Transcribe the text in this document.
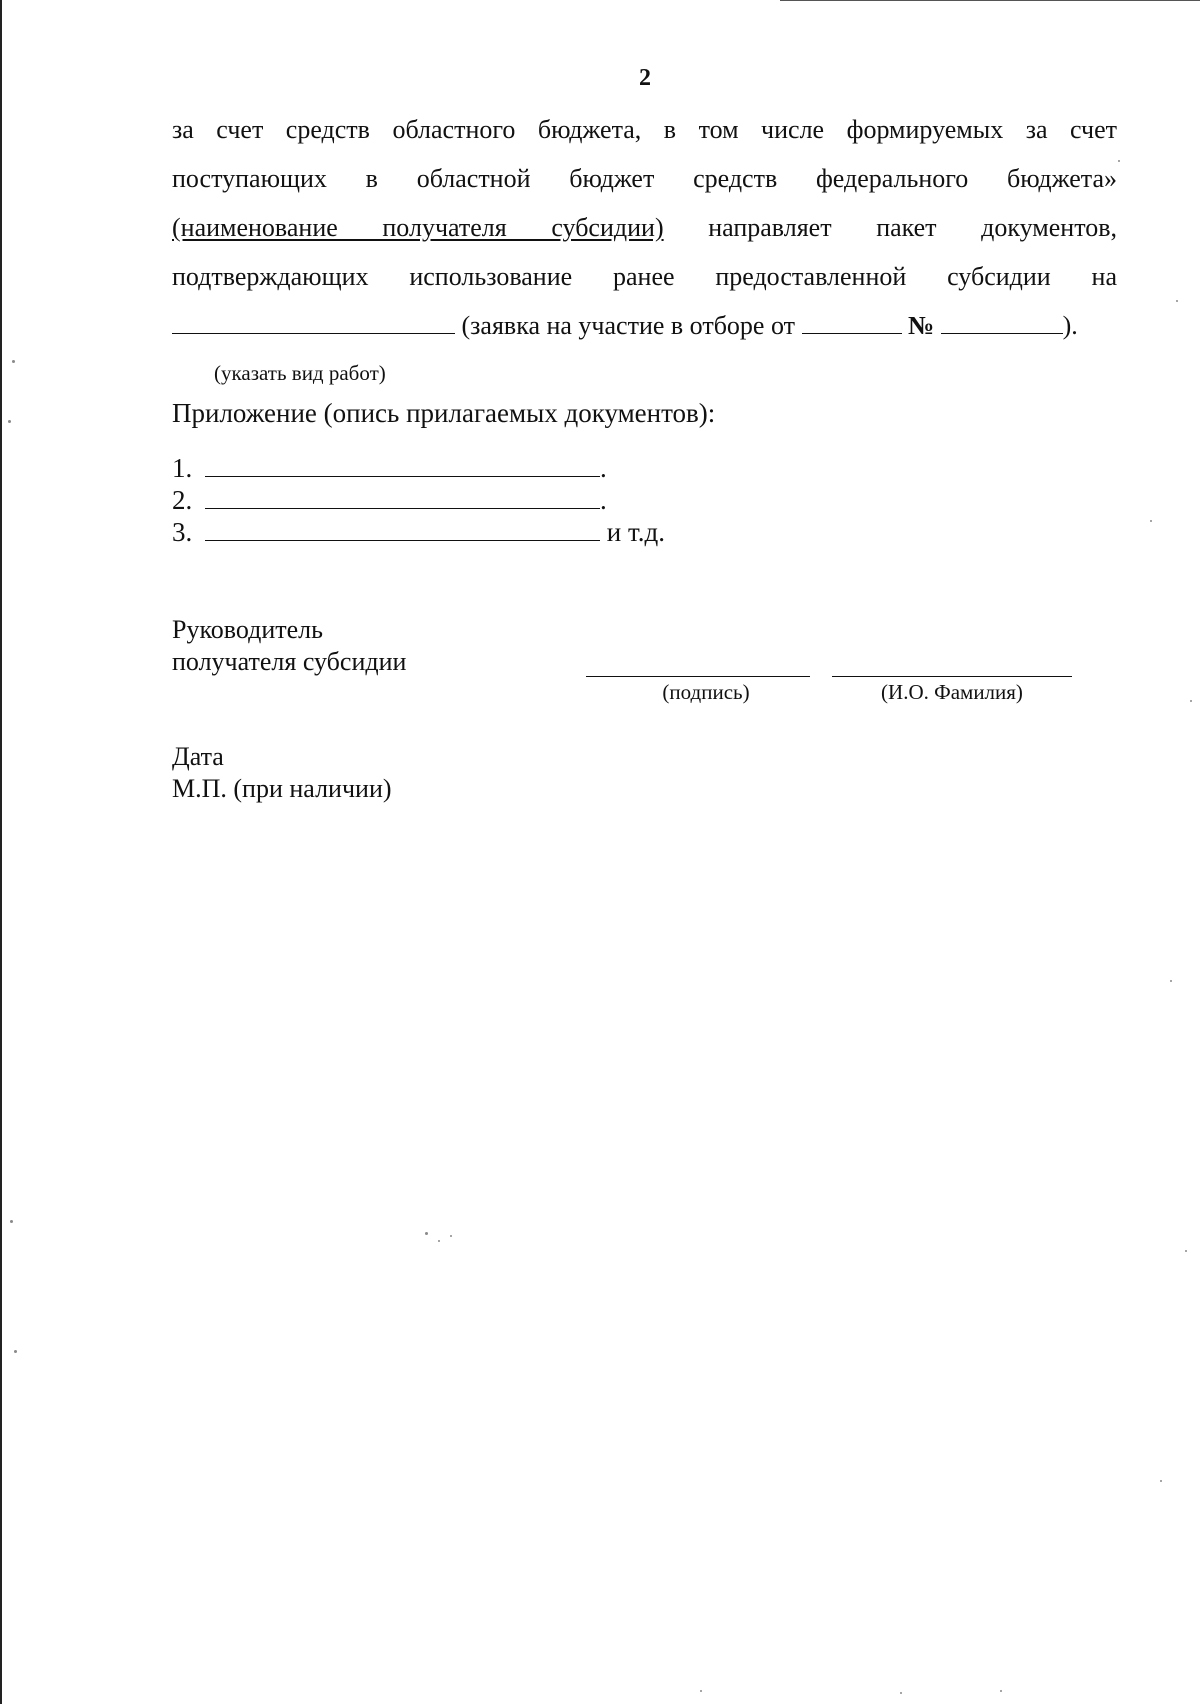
2
за счет средств областного бюджета, в том числе формируемых за счет
поступающих в областной бюджет средств федерального бюджета»
(наименование получателя субсидии) направляет пакет документов,
подтверждающих использование ранее предоставленной субсидии на
(заявка на участие в отборе от	№	).
(указать вид работ)
Приложение (опись прилагаемых документов):
1.	.
2.	.
3.	и т.д.
Руководитель
получателя субсидии
(подпись)	(И.О. Фамилия)
Дата
М.П. (при наличии)
